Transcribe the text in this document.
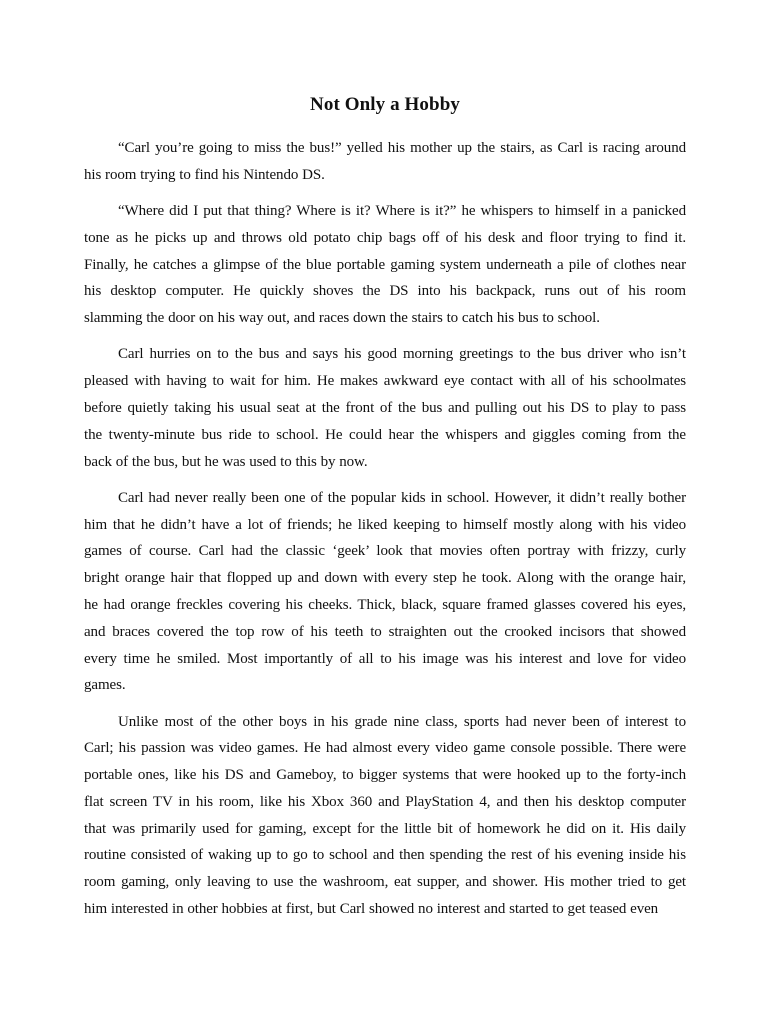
Not Only a Hobby

“Carl you’re going to miss the bus!” yelled his mother up the stairs, as Carl is racing around
his room trying to find his Nintendo DS.

“Where did I put that thing? Where is it? Where is it?” he whispers to himself in a panicked
tone as he picks up and throws old potato chip bags off of his desk and floor trying to find it.
Finally, he catches a glimpse of the blue portable gaming system underneath a pile of clothes near
his desktop computer. He quickly shoves the DS into his backpack, runs out of his room
slamming the door on his way out, and races down the stairs to catch his bus to school.

Carl hurries on to the bus and says his good morning greetings to the bus driver who isn’t
pleased with having to wait for him. He makes awkward eye contact with all of his schoolmates
before quietly taking his usual seat at the front of the bus and pulling out his DS to play to pass
the twenty-minute bus ride to school. He could hear the whispers and giggles coming from the
back of the bus, but he was used to this by now.

Carl had never really been one of the popular kids in school. However, it didn’t really bother
him that he didn’t have a lot of friends; he liked keeping to himself mostly along with his video
games of course. Carl had the classic ‘geek’ look that movies often portray with frizzy, curly
bright orange hair that flopped up and down with every step he took. Along with the orange hair,
he had orange freckles covering his cheeks. Thick, black, square framed glasses covered his eyes,
and braces covered the top row of his teeth to straighten out the crooked incisors that showed
every time he smiled. Most importantly of all to his image was his interest and love for video
games.

Unlike most of the other boys in his grade nine class, sports had never been of interest to
Carl; his passion was video games. He had almost every video game console possible. There were
portable ones, like his DS and Gameboy, to bigger systems that were hooked up to the forty-inch
flat screen TV in his room, like his Xbox 360 and PlayStation 4, and then his desktop computer
that was primarily used for gaming, except for the little bit of homework he did on it. His daily
routine consisted of waking up to go to school and then spending the rest of his evening inside his
room gaming, only leaving to use the washroom, eat supper, and shower. His mother tried to get
him interested in other hobbies at first, but Carl showed no interest and started to get teased even
